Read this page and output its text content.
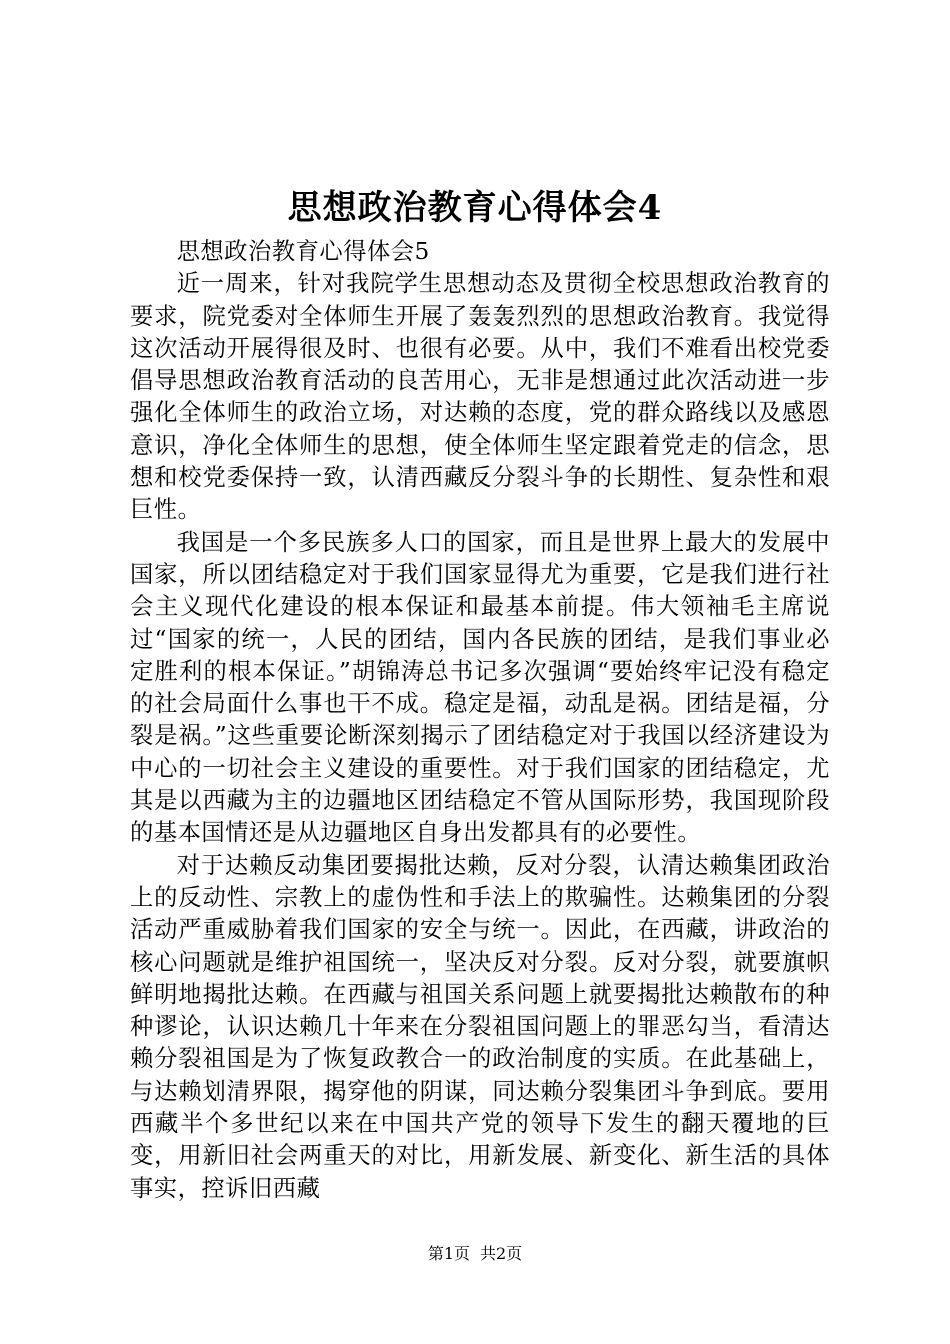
思想政治教育心得体会4

思想政治教育心得体会5

近一周来，针对我院学生思想动态及贯彻全校思想政治教育的要求，院党委对全体师生开展了轰轰烈烈的思想政治教育。我觉得这次活动开展得很及时、也很有必要。从中，我们不难看出校党委倡导思想政治教育活动的良苦用心，无非是想通过此次活动进一步强化全体师生的政治立场，对达赖的态度，党的群众路线以及感恩意识，净化全体师生的思想，使全体师生坚定跟着党走的信念，思想和校党委保持一致，认清西藏反分裂斗争的长期性、复杂性和艰巨性。

我国是一个多民族多人口的国家，而且是世界上最大的发展中国家，所以团结稳定对于我们国家显得尤为重要，它是我们进行社会主义现代化建设的根本保证和最基本前提。伟大领袖毛主席说过“国家的统一，人民的团结，国内各民族的团结，是我们事业必定胜利的根本保证。”胡锦涛总书记多次强调“要始终牢记没有稳定的社会局面什么事也干不成。稳定是福，动乱是祸。团结是福，分裂是祸。”这些重要论断深刻揭示了团结稳定对于我国以经济建设为中心的一切社会主义建设的重要性。对于我们国家的团结稳定，尤其是以西藏为主的边疆地区团结稳定不管从国际形势，我国现阶段的基本国情还是从边疆地区自身出发都具有的必要性。

对于达赖反动集团要揭批达赖，反对分裂，认清达赖集团政治上的反动性、宗教上的虚伪性和手法上的欺骗性。达赖集团的分裂活动严重威胁着我们国家的安全与统一。因此，在西藏，讲政治的核心问题就是维护祖国统一，坚决反对分裂。反对分裂，就要旗帜鲜明地揭批达赖。在西藏与祖国关系问题上就要揭批达赖散布的种种谬论，认识达赖几十年来在分裂祖国问题上的罪恶勾当，看清达赖分裂祖国是为了恢复政教合一的政治制度的实质。在此基础上，与达赖划清界限，揭穿他的阴谋，同达赖分裂集团斗争到底。要用西藏半个多世纪以来在中国共产党的领导下发生的翻天覆地的巨变，用新旧社会两重天的对比，用新发展、新变化、新生活的具体事实，控诉旧西藏

第1页 共2页
